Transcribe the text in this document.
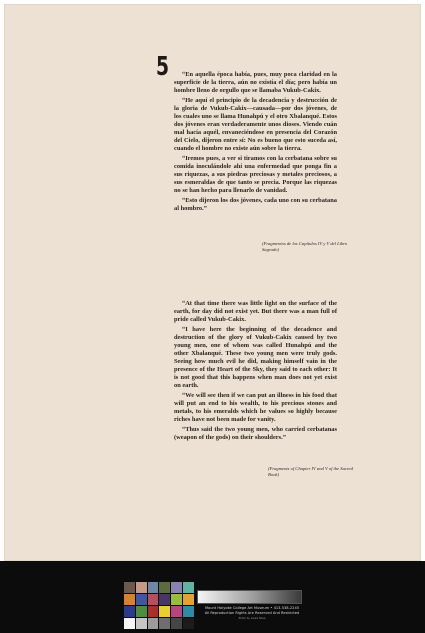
5	“En aquella época había, pues, muy poca claridad en la superficie de la tierra, aún no existía el día; pero había un hombre lleno de orgullo que se llamaba Vukub-Cakix.

“He aquí el principio de la decadencia y destrucción de la gloria de Vukub-Cakix—causada—por dos jóvenes, de los cuales uno se llama Hunahpú y el otro Xbalanqué. Estos dos jóvenes eran verdaderamente unos dioses. Viendo cuán mal hacía aquél, envaneciéndose en presencia del Corazón del Cielo, dijeron entre sí: No es bueno que esto suceda así, cuando el hombre no existe aún sobre la tierra.

“Iremos pues, a ver si tiramos con la cerbatana sobre su comida inoculándole ahí una enfermedad que ponga fin a sus riquezas, a sus piedras preciosas y metales preciosos, a sus esmeraldas de que tanto se precia. Porque las riquezas no se han hecho para llenarlo de vanidad.

“Esto dijeron los dos jóvenes, cada uno con su cerbatana al hombro.”

(Fragmentos de los Capítulos IV y V del Libro Sagrado)

“At that time there was little light on the surface of the earth, for day did not exist yet. But there was a man full of pride called Vukub-Cakix.

“I have here the beginning of the decadence and destruction of the glory of Vukub-Cakix caused by two young men, one of whom was called Hunahpú and the other Xbalanqué. These two young men were truly gods. Seeing how much evil he did, making himself vain in the presence of the Heart of the Sky, they said to each other: It is not good that this happens when man does not yet exist on earth.

“We will see then if we can put an illness in his food that will put an end to his wealth, to his precious stones and metals, to his emeralds which he values so highly because riches have not been made for vanity.

“Thus said the two young men, who carried cerbatanas (weapon of the gods) on their shoulders.”

(Fragments of Chapter IV and V of the Sacred Book)
Mount Holyoke College Art Museum • 413-538-2245
All Reproduction Rights Are Reserved And Restricted
Photo by Laura Shea
